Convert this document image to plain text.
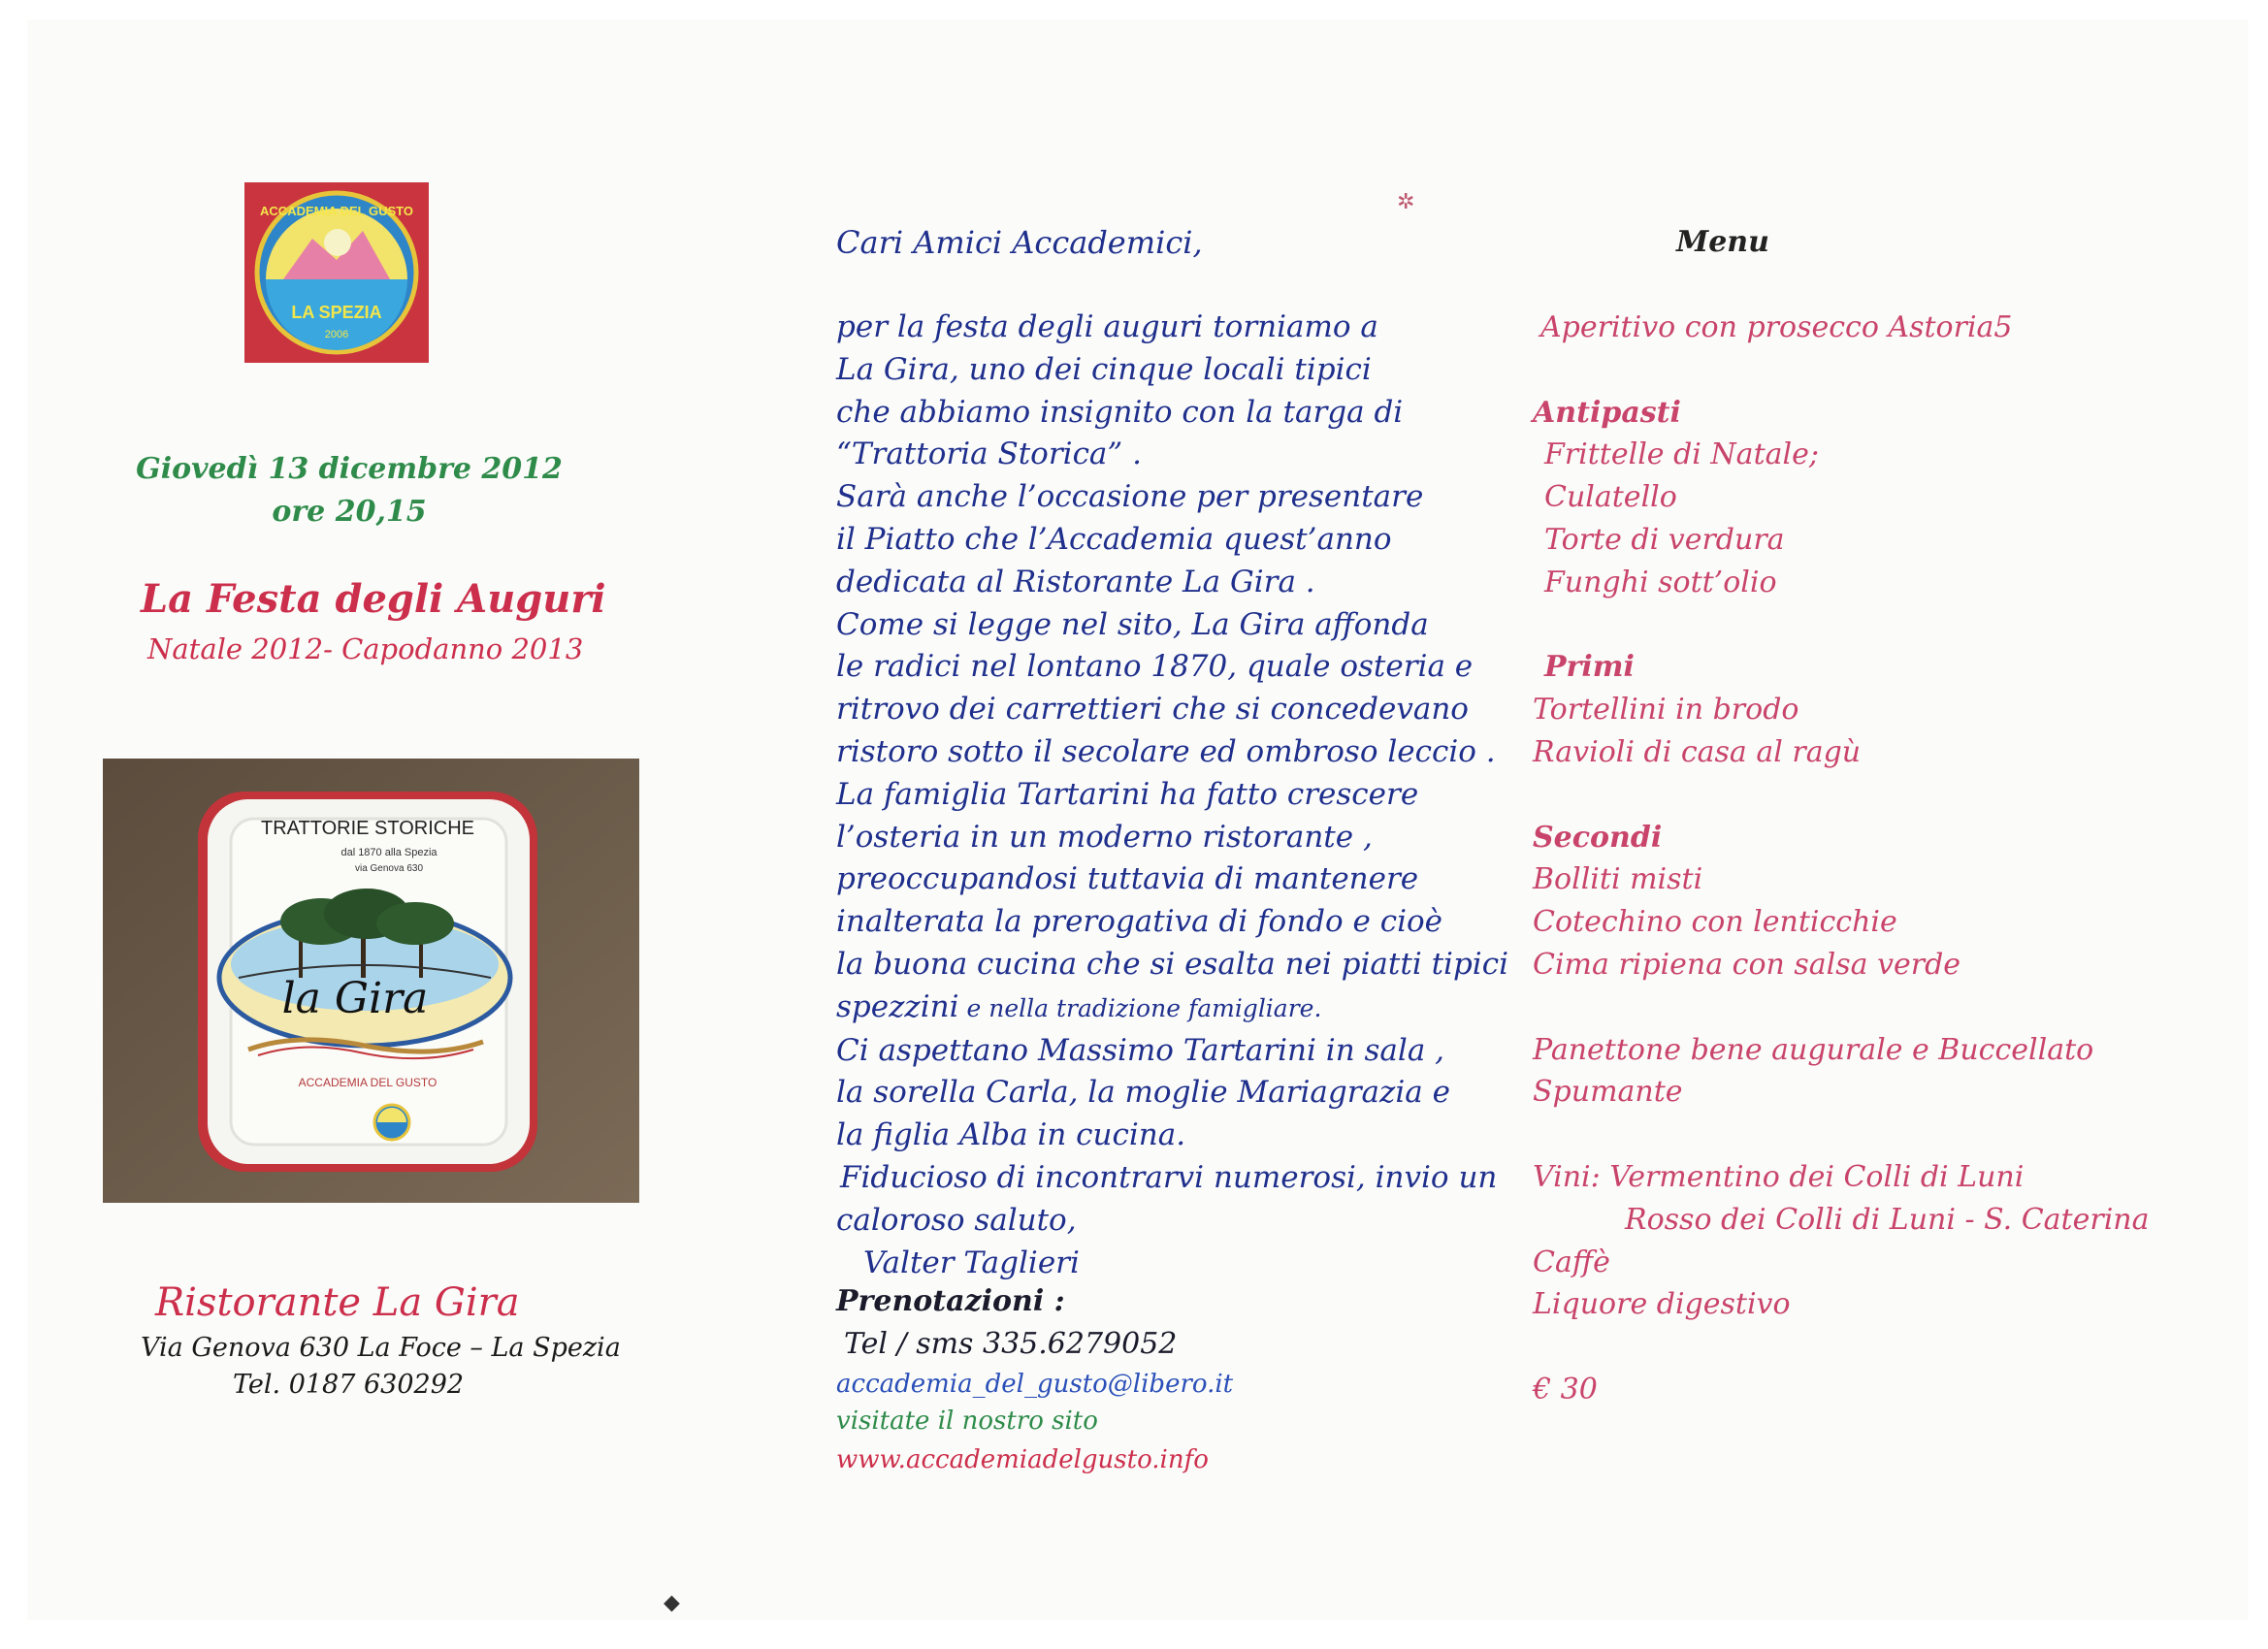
LA SPEZIA
2006
ACCADEMIA DEL GUSTO
Giovedì 13 dicembre 2012
ore 20,15
La Festa degli Auguri
Natale 2012- Capodanno 2013
TRATTORIE STORICHE
dal 1870 alla Spezia
via Genova 630
la Gira
ACCADEMIA DEL GUSTO
Ristorante La Gira
Via Genova 630 La Foce – La Spezia
Tel. 0187 630292
Cari Amici Accademici,
per la festa degli auguri torniamo a
La Gira, uno dei cinque locali tipici
che abbiamo insignito con la targa di
“Trattoria Storica” .
Sarà anche l’occasione per presentare
il Piatto che l’Accademia quest’anno
dedicata al Ristorante La Gira .
Come si legge nel sito, La Gira affonda
le radici nel lontano 1870, quale osteria e
ritrovo dei carrettieri che si concedevano
ristoro sotto il secolare ed ombroso leccio .
La famiglia Tartarini ha fatto crescere
l’osteria in un moderno ristorante ,
preoccupandosi tuttavia di mantenere
inalterata la prerogativa di fondo e cioè
la buona cucina che si esalta nei piatti tipici
spezzini e nella tradizione famigliare.
Ci aspettano Massimo Tartarini in sala ,
la sorella Carla, la moglie Mariagrazia e
la figlia Alba in cucina.
Fiducioso di incontrarvi numerosi, invio un
caloroso saluto,
Valter Taglieri
Prenotazioni :
Tel / sms 335.6279052
accademia_del_gusto@libero.it
visitate il nostro sito
www.accademiadelgusto.info
Menu
Aperitivo con prosecco Astoria5
Antipasti
Frittelle di Natale;
Culatello
Torte di verdura
Funghi sott’olio
Primi
Tortellini in brodo
Ravioli di casa al ragù
Secondi
Bolliti misti
Cotechino con lenticchie
Cima ripiena con salsa verde
Panettone bene augurale e Buccellato
Spumante
Vini: Vermentino dei Colli di Luni
Rosso dei Colli di Luni - S. Caterina
Caffè
Liquore digestivo
€ 30
✲
◆
